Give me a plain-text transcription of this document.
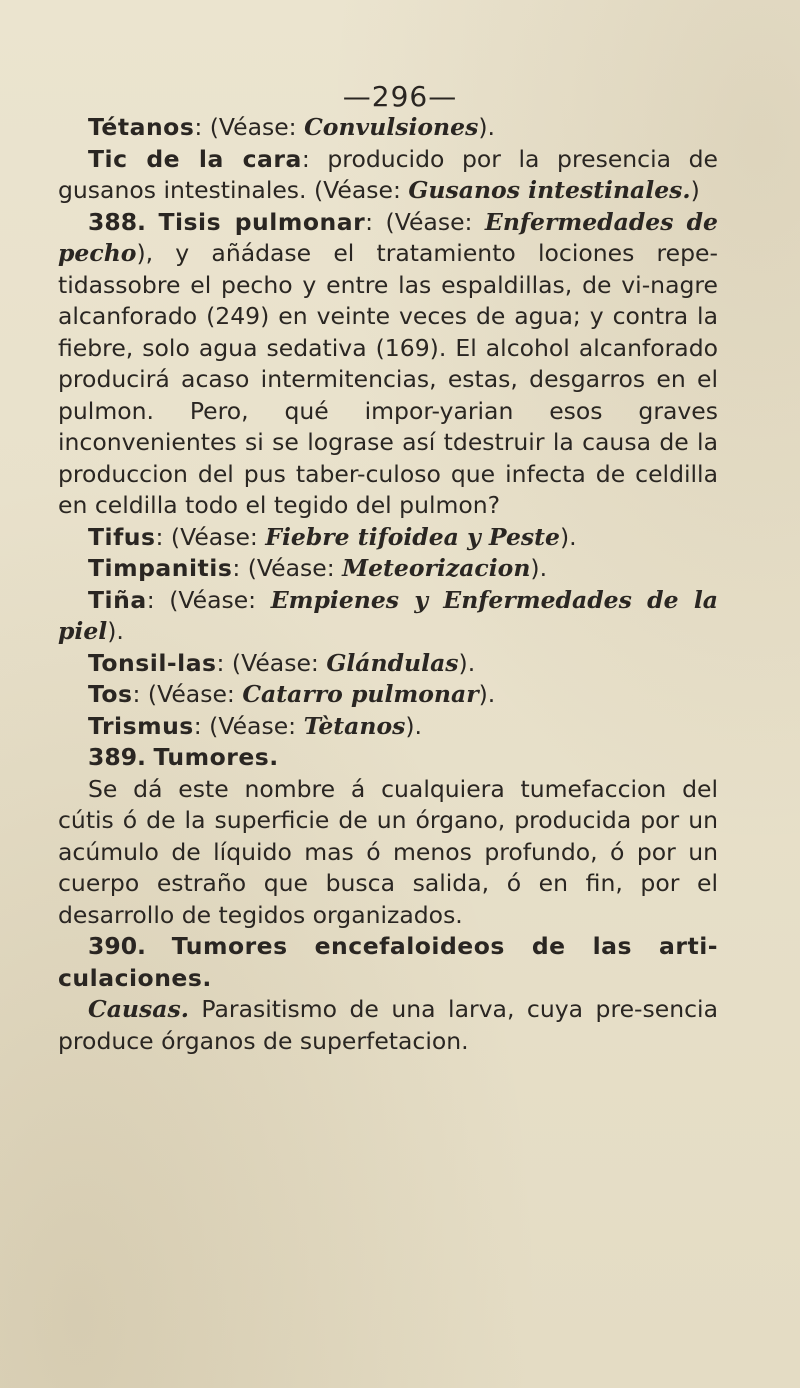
—296—

Tétanos: (Véase: Convulsiones).

Tic de la cara: producido por la presencia de gusanos intestinales. (Véase: Gusanos intestinales.)

388. Tisis pulmonar: (Véase: Enfermedades de pecho), y añádase el tratamiento lociones repe-tidassobre el pecho y entre las espaldillas, de vi-nagre alcanforado (249) en veinte veces de agua; y contra la fiebre, solo agua sedativa (169). El alcohol alcanforado producirá acaso intermitencias, estas, desgarros en el pulmon. Pero, qué impor-yarian esos graves inconvenientes si se lograse así tdestruir la causa de la produccion del pus taber-culoso que infecta de celdilla en celdilla todo el tegido del pulmon?

Tifus: (Véase: Fiebre tifoidea y Peste).

Timpanitis: (Véase: Meteorizacion).

Tiña: (Véase: Empienes y Enfermedades de la piel).

Tonsil-las: (Véase: Glándulas).

Tos: (Véase: Catarro pulmonar).

Trismus: (Véase: Tètanos).

389. Tumores.

Se dá este nombre á cualquiera tumefaccion del cútis ó de la superficie de un órgano, producida por un acúmulo de líquido mas ó menos profundo, ó por un cuerpo estraño que busca salida, ó en fin, por el desarrollo de tegidos organizados.

390. Tumores encefaloideos de las arti-culaciones.

Causas. Parasitismo de una larva, cuya pre-sencia produce órganos de superfetacion.
